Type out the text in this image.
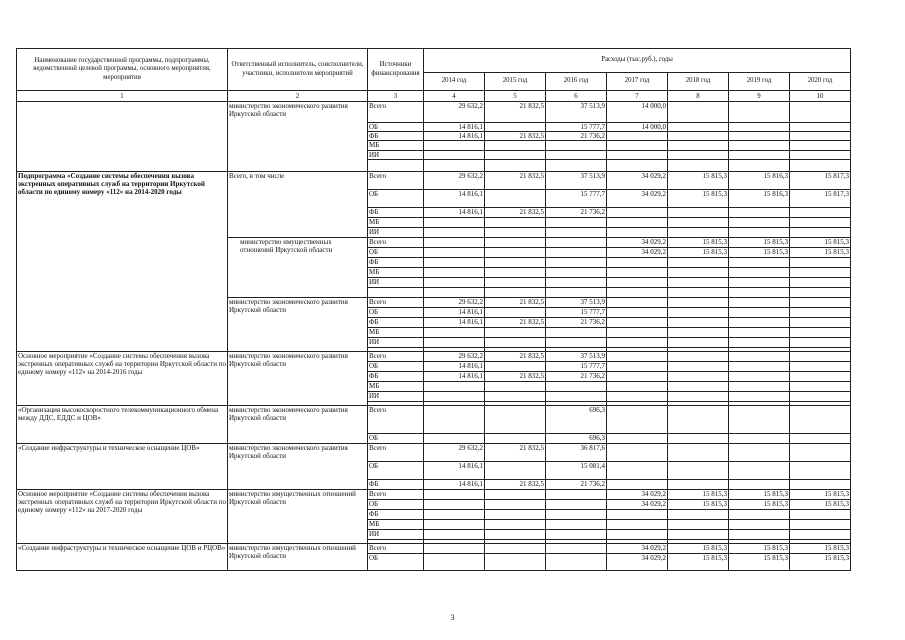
Наименование государственной программы, подпрограммы, ведомственной целевой программы, основного мероприятия, мероприятия	Ответственный исполнитель, соисполнители, участники, исполнители мероприятий	Источники финансирования	Расходы (тыс.руб.), годы						
			2014 год	2015 год	2016 год	2017 год	2018 год	2019 год	2020 год
1	2	3	4	5	6	7	8	9	10
	министерство экономического развития Иркутской области	Всего	29 632,2	21 832,5	37 513,9	14 000,0			
		ОБ	14 816,1		15 777,7	14 000,0			
		ФБ	14 816,1	21 832,5	21 736,2				
		МБ							
		ИИ							

Подпрограмма «Создание системы обеспечения вызова экстренных оперативных служб на территории Иркутской области по единому номеру «112» на 2014-2020 годы	Всего, в том числе	Всего	29 632,2	21 832,5	37 513,9	34 029,2	15 815,3	15 816,3	15 817,3
		ОБ	14 816,1		15 777,7	34 029,2	15 815,3	15 816,3	15 817,3
		ФБ	14 816,1	21 832,5	21 736,2				
		МБ							
		ИИ							
	министерство имущественных отношений Иркутской области	Всего				34 029,2	15 815,3	15 815,3	15 815,3
		ОБ				34 029,2	15 815,3	15 815,3	15 815,3
		ФБ							
		МБ							
		ИИ							

	министерство экономического развития Иркутской области	Всего	29 632,2	21 832,5	37 513,9				
		ОБ	14 816,1		15 777,7				
		ФБ	14 816,1	21 832,5	21 736,2				
		МБ							
		ИИ							

Основное мероприятие «Создание системы обеспечения вызова экстренных оперативных служб на территории Иркутской области по единому номеру «112» на 2014-2016 годы	министерство экономического развития Иркутской области	Всего	29 632,2	21 832,5	37 513,9				
		ОБ	14 816,1		15 777,7				
		ФБ	14 816,1	21 832,5	21 736,2				
		МБ							
		ИИ							

«Организация высокоскоростного телекоммуникационного обмена между ДДС, ЕДДС и ЦОВ»	министерство экономического развития Иркутской области	Всего			696,3				
		ОБ			696,3				
«Создание инфраструктуры и техническое оснащение ЦОВ»	министерство экономического развития Иркутской области	Всего	29 632,2	21 832,5	36 817,6				
		ОБ	14 816,1		15 081,4				
		ФБ	14 816,1	21 832,5	21 736,2				
Основное мероприятие «Создание системы обеспечения вызова экстренных оперативных служб на территории Иркутской области по единому номеру «112» на 2017-2020 годы	министерство имущественных отношений Иркутской области	Всего				34 029,2	15 815,3	15 815,3	15 815,3
		ОБ				34 029,2	15 815,3	15 815,3	15 815,3
		ФБ							
		МБ							
		ИИ							

«Создание инфраструктуры и техническое оснащение ЦОВ и РЦОВ»	министерство имущественных отношений Иркутской области	Всего				34 029,2	15 815,3	15 815,3	15 815,3
		ОБ				34 029,2	15 815,3	15 815,3	15 815,3
3
